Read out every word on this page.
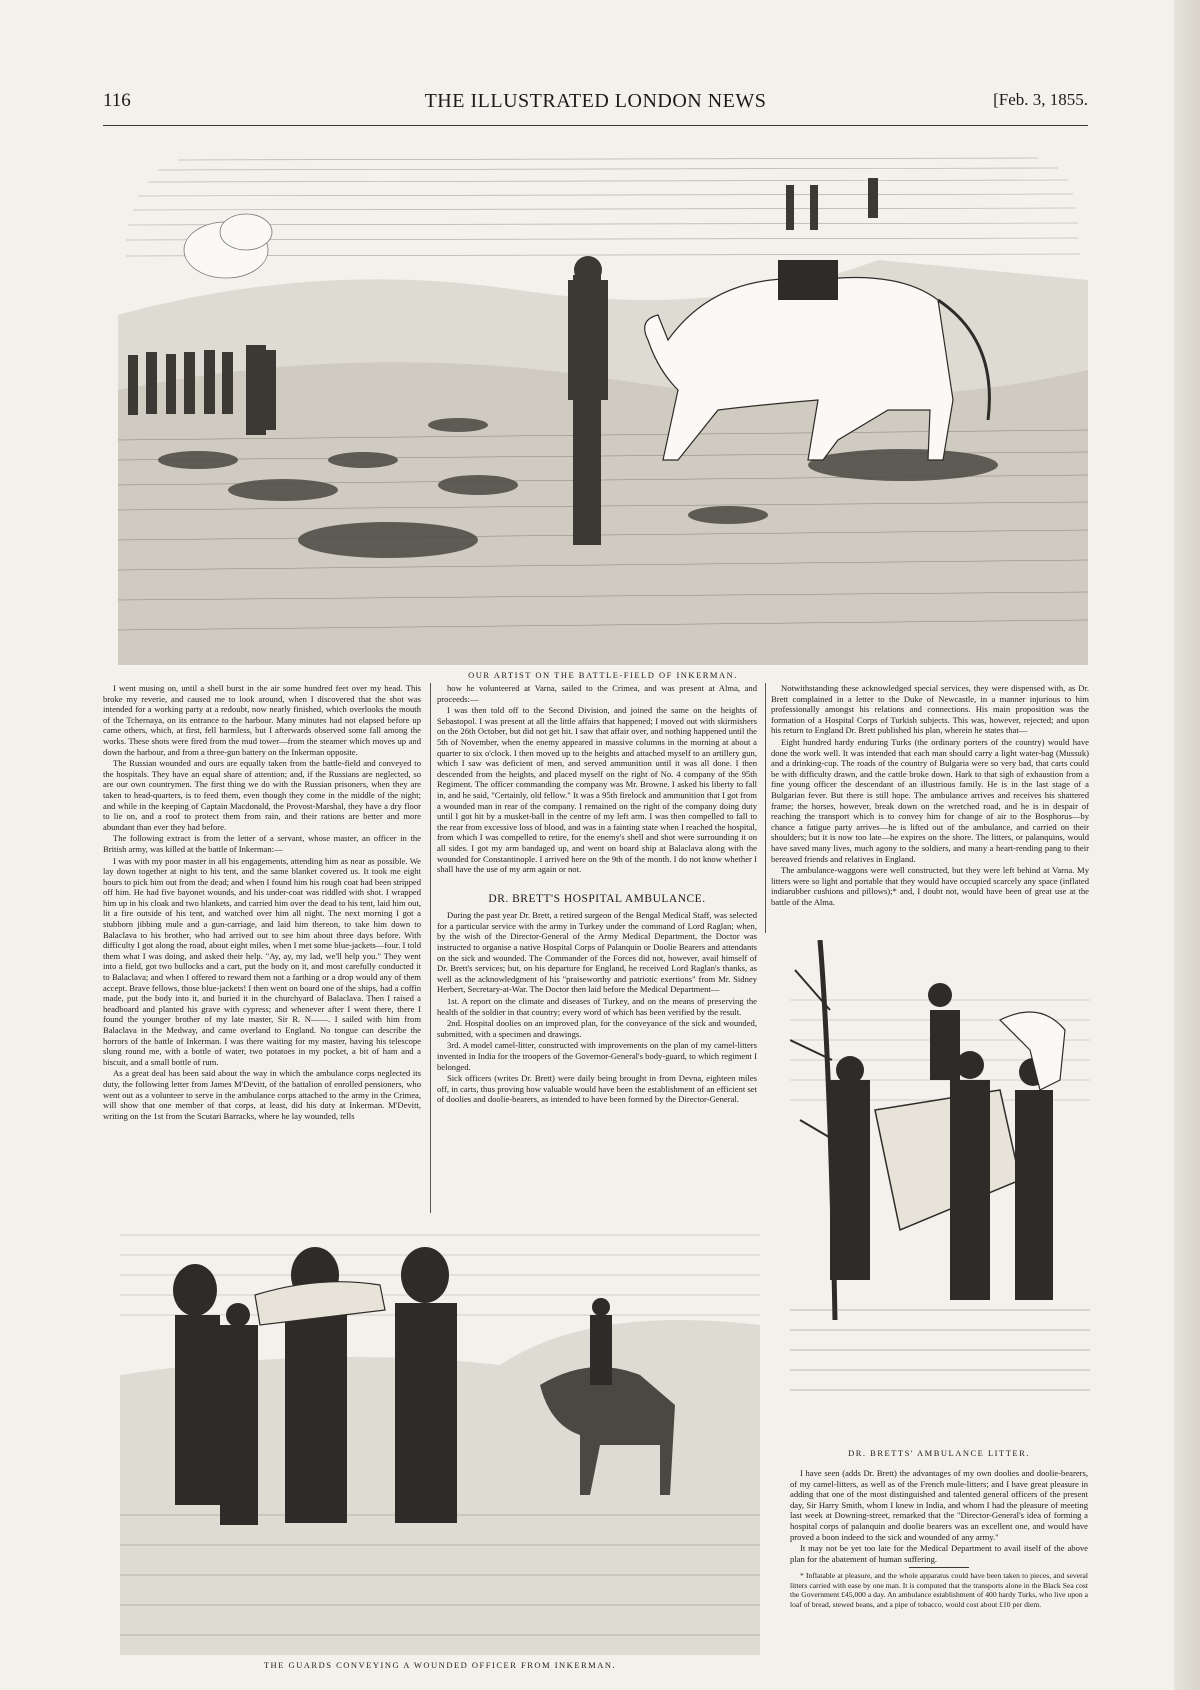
116	THE ILLUSTRATED LONDON NEWS	[Feb. 3, 1855.
OUR ARTIST ON THE BATTLE-FIELD OF INKERMAN.

I went musing on, until a shell burst in the air some hundred feet over my head. This broke my reverie, and caused me to look around, when I discovered that the shot was intended for a working party at a redoubt, now nearly finished, which overlooks the mouth of the Tchernaya, on its entrance to the harbour. Many minutes had not elapsed before up came others, which, at first, fell harmless, but I afterwards observed some fall among the works. These shots were fired from the mud tower—from the steamer which moves up and down the harbour, and from a three-gun battery on the Inkerman opposite.

The Russian wounded and ours are equally taken from the battle-field and conveyed to the hospitals. They have an equal share of attention; and, if the Russians are neglected, so are our own countrymen. The first thing we do with the Russian prisoners, when they are taken to head-quarters, is to feed them, even though they come in the middle of the night; and while in the keeping of Captain Macdonald, the Provost-Marshal, they have a dry floor to lie on, and a roof to protect them from rain, and their rations are better and more abundant than ever they had before.

The following extract is from the letter of a servant, whose master, an officer in the British army, was killed at the battle of Inkerman:—

I was with my poor master in all his engagements, attending him as near as possible. We lay down together at night to his tent, and the same blanket covered us. It took me eight hours to pick him out from the dead; and when I found him his rough coat had been stripped off him. He had five bayonet wounds, and his under-coat was riddled with shot. I wrapped him up in his cloak and two blankets, and carried him over the dead to his tent, laid him out, lit a fire outside of his tent, and watched over him all night. The next morning I got a stubborn jibbing mule and a gun-carriage, and laid him thereon, to take him down to Balaclava to his brother, who had arrived out to see him about three days before. With difficulty I got along the road, about eight miles, when I met some blue-jackets—four. I told them what I was doing, and asked their help. "Ay, ay, my lad, we'll help you." They went into a field, got two bullocks and a cart, put the body on it, and most carefully conducted it to Balaclava; and when I offered to reward them not a farthing or a drop would any of them accept. Brave fellows, those blue-jackets! I then went on board one of the ships, had a coffin made, put the body into it, and buried it in the churchyard of Balaclava. Then I raised a headboard and planted his grave with cypress; and whenever after I went there, there I found the younger brother of my late master, Sir R. N——. I sailed with him from Balaclava in the Medway, and came overland to England. No tongue can describe the horrors of the battle of Inkerman. I was there waiting for my master, having his telescope slung round me, with a bottle of water, two potatoes in my pocket, a bit of ham and a biscuit, and a small bottle of rum.

As a great deal has been said about the way in which the ambulance corps neglected its duty, the following letter from James M'Devitt, of the battalion of enrolled pensioners, who went out as a volunteer to serve in the ambulance corps attached to the army in the Crimea, will show that one member of that corps, at least, did his duty at Inkerman. M'Devitt, writing on the 1st from the Scutari Barracks, where he lay wounded, tells

how he volunteered at Varna, sailed to the Crimea, and was present at Alma, and proceeds:—

I was then told off to the Second Division, and joined the same on the heights of Sebastopol. I was present at all the little affairs that happened; I moved out with skirmishers on the 26th October, but did not get hit. I saw that affair over, and nothing happened until the 5th of November, when the enemy appeared in massive columns in the morning at about a quarter to six o'clock. I then moved up to the heights and attached myself to an artillery gun, which I saw was deficient of men, and served ammunition until it was all done. I then descended from the heights, and placed myself on the right of No. 4 company of the 95th Regiment. The officer commanding the company was Mr. Browne. I asked his liberty to fall in, and he said, "Certainly, old fellow." It was a 95th firelock and ammunition that I got from a wounded man in rear of the company. I remained on the right of the company doing duty until I got hit by a musket-ball in the centre of my left arm. I was then compelled to fall to the rear from excessive loss of blood, and was in a fainting state when I reached the hospital, from which I was compelled to retire, for the enemy's shell and shot were surrounding it on all sides. I got my arm bandaged up, and went on board ship at Balaclava along with the wounded for Constantinople. I arrived here on the 9th of the month. I do not know whether I shall have the use of my arm again or not.

DR. BRETT'S HOSPITAL AMBULANCE.

During the past year Dr. Brett, a retired surgeon of the Bengal Medical Staff, was selected for a particular service with the army in Turkey under the command of Lord Raglan; when, by the wish of the Director-General of the Army Medical Department, the Doctor was instructed to organise a native Hospital Corps of Palanquin or Doolie Bearers and attendants on the sick and wounded. The Commander of the Forces did not, however, avail himself of Dr. Brett's services; but, on his departure for England, he received Lord Raglan's thanks, as well as the acknowledgment of his "praiseworthy and patriotic exertions" from Mr. Sidney Herbert, Secretary-at-War. The Doctor then laid before the Medical Department—

1st. A report on the climate and diseases of Turkey, and on the means of preserving the health of the soldier in that country; every word of which has been verified by the result.

2nd. Hospital doolies on an improved plan, for the conveyance of the sick and wounded, submitted, with a specimen and drawings.

3rd. A model camel-litter, constructed with improvements on the plan of my camel-litters invented in India for the troopers of the Governor-General's body-guard, to which regiment I belonged.

Sick officers (writes Dr. Brett) were daily being brought in from Devna, eighteen miles off, in carts, thus proving how valuable would have been the establishment of an efficient set of doolies and doolie-bearers, as intended to have been formed by the Director-General.

Notwithstanding these acknowledged special services, they were dispensed with, as Dr. Brett complained in a letter to the Duke of Newcastle, in a manner injurious to him professionally amongst his relations and connections. His main proposition was the formation of a Hospital Corps of Turkish subjects. This was, however, rejected; and upon his return to England Dr. Brett published his plan, wherein he states that—

Eight hundred hardy enduring Turks (the ordinary porters of the country) would have done the work well. It was intended that each man should carry a light water-bag (Mussuk) and a drinking-cup. The roads of the country of Bulgaria were so very bad, that carts could be with difficulty drawn, and the cattle broke down. Hark to that sigh of exhaustion from a fine young officer the descendant of an illustrious family. He is in the last stage of a Bulgarian fever. But there is still hope. The ambulance arrives and receives his shattered frame; the horses, however, break down on the wretched road, and he is in despair of reaching the transport which is to convey him for change of air to the Bosphorus—by chance a fatigue party arrives—he is lifted out of the ambulance, and carried on their shoulders; but it is now too late—he expires on the shore. The litters, or palanquins, would have saved many lives, much agony to the soldiers, and many a heart-rending pang to their bereaved friends and relatives in England.

The ambulance-waggons were well constructed, but they were left behind at Varna. My litters were so light and portable that they would have occupied scarcely any space (inflated indiarubber cushions and pillows);* and, I doubt not, would have been of great use at the battle of the Alma.

DR. BRETTS' AMBULANCE LITTER.

I have seen (adds Dr. Brett) the advantages of my own doolies and doolie-bearers, of my camel-litters, as well as of the French mule-litters; and I have great pleasure in adding that one of the most distinguished and talented general officers of the present day, Sir Harry Smith, whom I knew in India, and whom I had the pleasure of meeting last week at Downing-street, remarked that the "Director-General's idea of forming a hospital corps of palanquin and doolie bearers was an excellent one, and would have proved a boon indeed to the sick and wounded of any army."

It may not be yet too late for the Medical Department to avail itself of the above plan for the abatement of human suffering.

* Inflatable at pleasure, and the whole apparatus could have been taken to pieces, and several litters carried with ease by one man. It is computed that the transports alone in the Black Sea cost the Government £45,000 a day. An ambulance establishment of 400 hardy Turks, who live upon a loaf of bread, stewed beans, and a pipe of tobacco, would cost about £10 per diem.

THE GUARDS CONVEYING A WOUNDED OFFICER FROM INKERMAN.
